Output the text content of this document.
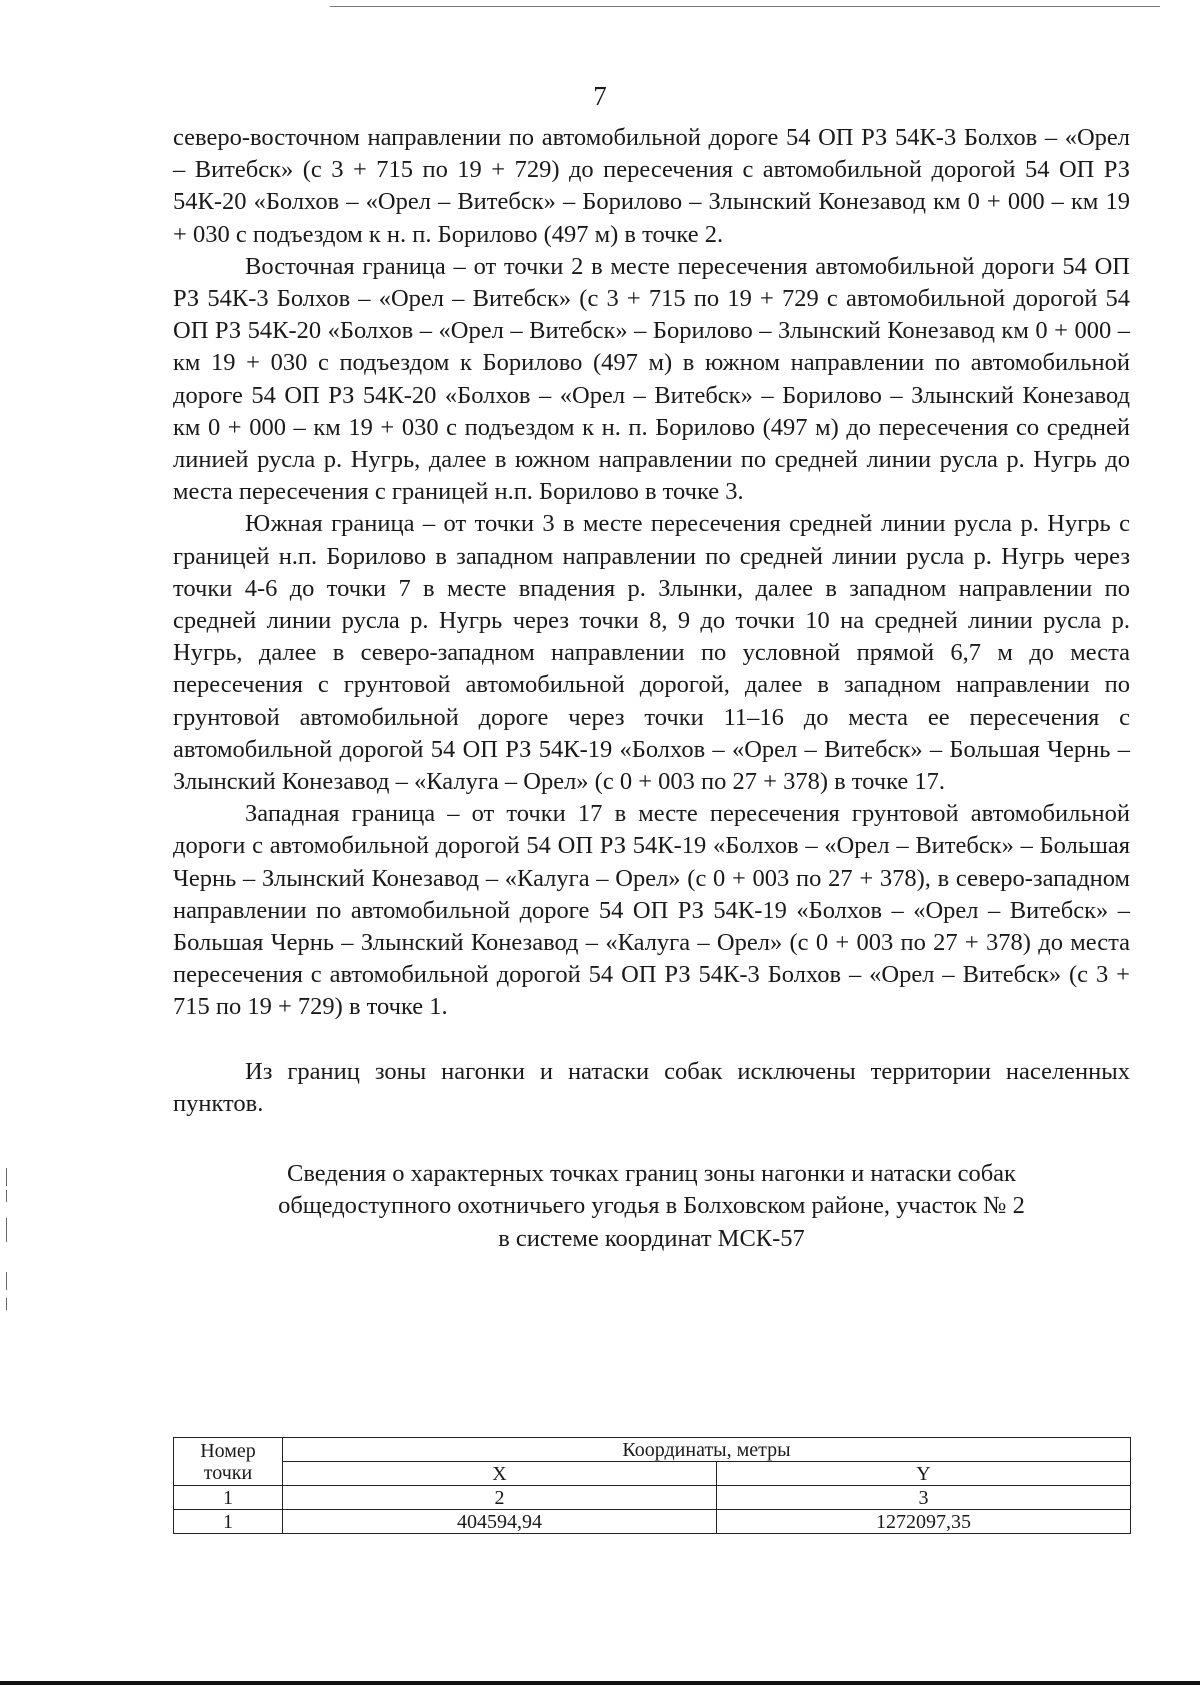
7

северо-восточном направлении по автомобильной дороге 54 ОП РЗ 54К-3 Болхов – «Орел – Витебск» (с 3 + 715 по 19 + 729) до пересечения с автомобильной дорогой 54 ОП РЗ 54К-20 «Болхов – «Орел – Витебск» – Борилово – Злынский Конезавод км 0 + 000 – км 19 + 030 с подъездом к н. п. Борилово (497 м) в точке 2.

Восточная граница – от точки 2 в месте пересечения автомобильной дороги 54 ОП РЗ 54К-3 Болхов – «Орел – Витебск» (с 3 + 715 по 19 + 729 с автомобильной дорогой 54 ОП РЗ 54К-20 «Болхов – «Орел – Витебск» – Борилово – Злынский Конезавод км 0 + 000 – км 19 + 030 с подъездом к Борилово (497 м) в южном направлении по автомобильной дороге 54 ОП РЗ 54К-20 «Болхов – «Орел – Витебск» – Борилово – Злынский Конезавод км 0 + 000 – км 19 + 030 с подъездом к н. п. Борилово (497 м) до пересечения со средней линией русла р. Нугрь, далее в южном направлении по средней линии русла р. Нугрь до места пересечения с границей н.п. Борилово в точке 3.

Южная граница – от точки 3 в месте пересечения средней линии русла р. Нугрь с границей н.п. Борилово в западном направлении по средней линии русла р. Нугрь через точки 4-6 до точки 7 в месте впадения р. Злынки, далее в западном направлении по средней линии русла р. Нугрь через точки 8, 9 до точки 10 на средней линии русла р. Нугрь, далее в северо-западном направлении по условной прямой 6,7 м до места пересечения с грунтовой автомобильной дорогой, далее в западном направлении по грунтовой автомобильной дороге через точки 11–16 до места ее пересечения с автомобильной дорогой 54 ОП РЗ 54К-19 «Болхов – «Орел – Витебск» – Большая Чернь – Злынский Конезавод – «Калуга – Орел» (с 0 + 003 по 27 + 378) в точке 17.

Западная граница – от точки 17 в месте пересечения грунтовой автомобильной дороги с автомобильной дорогой 54 ОП РЗ 54К-19 «Болхов – «Орел – Витебск» – Большая Чернь – Злынский Конезавод – «Калуга – Орел» (с 0 + 003 по 27 + 378), в северо-западном направлении по автомобильной дороге 54 ОП РЗ 54К-19 «Болхов – «Орел – Витебск» – Большая Чернь – Злынский Конезавод – «Калуга – Орел» (с 0 + 003 по 27 + 378) до места пересечения с автомобильной дорогой 54 ОП РЗ 54К-3 Болхов – «Орел – Витебск» (с 3 + 715 по 19 + 729) в точке 1.

Из границ зоны нагонки и натаски собак исключены территории населенных пунктов.

Сведения о характерных точках границ зоны нагонки и натаски собак
общедоступного охотничьего угодья в Болховском районе, участок № 2
в системе координат МСК-57
Номер
точки	Координаты, метры	
	X	Y
1	2	3
1	404594,94	1272097,35
